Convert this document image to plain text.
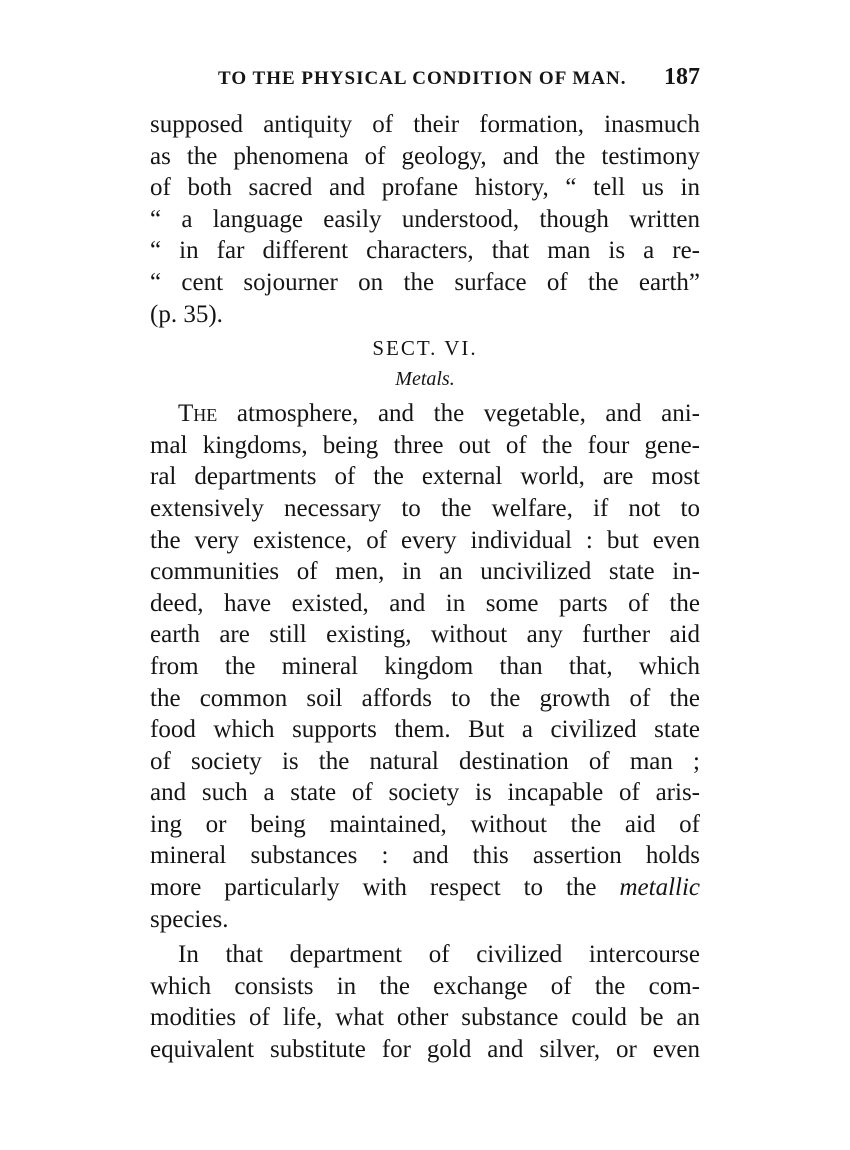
TO THE PHYSICAL CONDITION OF MAN. 187
supposed antiquity of their formation, inasmuch
as the phenomena of geology, and the testimony
of both sacred and profane history, “ tell us in
“ a language easily understood, though written
“ in far different characters, that man is a re-
“ cent sojourner on the surface of the earth”
(p. 35).
SECT. VI.
Metals.
The atmosphere, and the vegetable, and ani-
mal kingdoms, being three out of the four gene-
ral departments of the external world, are most
extensively necessary to the welfare, if not to
the very existence, of every individual : but even
communities of men, in an uncivilized state in-
deed, have existed, and in some parts of the
earth are still existing, without any further aid
from the mineral kingdom than that, which
the common soil affords to the growth of the
food which supports them. But a civilized state
of society is the natural destination of man ;
and such a state of society is incapable of aris-
ing or being maintained, without the aid of
mineral substances : and this assertion holds
more particularly with respect to the metallic
species.
In that department of civilized intercourse
which consists in the exchange of the com-
modities of life, what other substance could be an
equivalent substitute for gold and silver, or even
